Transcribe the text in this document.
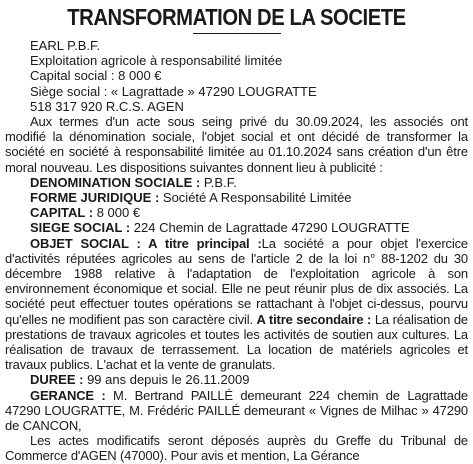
TRANSFORMATION DE LA SOCIETE
EARL P.B.F.
Exploitation agricole à responsabilité limitée
Capital social : 8 000 €
Siège social : « Lagrattade » 47290 LOUGRATTE
518 317 920 R.C.S. AGEN

Aux termes d'un acte sous seing privé du 30.09.2024, les associés ont modifié la dénomination sociale, l'objet social et ont décidé de transformer la société en société à responsabilité limitée au 01.10.2024 sans création d'un être moral nouveau. Les dispositions suivantes donnent lieu à publicité :

DENOMINATION SOCIALE : P.B.F.
FORME JURIDIQUE : Société A Responsabilité Limitée
CAPITAL : 8 000 €
SIEGE SOCIAL : 224 Chemin de Lagrattade 47290 LOUGRATTE

OBJET SOCIAL : A titre principal :La société a pour objet l'exercice d'activités réputées agricoles au sens de l'article 2 de la loi n° 88-1202 du 30 décembre 1988 relative à l'adaptation de l'exploitation agricole à son environnement économique et social. Elle ne peut réunir plus de dix associés. La société peut effectuer toutes opérations se rattachant à l'objet ci-dessus, pourvu qu'elles ne modifient pas son caractère civil. A titre secondaire : La réalisation de prestations de travaux agricoles et toutes les activités de soutien aux cultures. La réalisation de travaux de terrassement. La location de matériels agricoles et travaux publics. L'achat et la vente de granulats.

DUREE : 99 ans depuis le 26.11.2009

GERANCE : M. Bertrand PAILLÉ demeurant 224 chemin de Lagrattade 47290 LOUGRATTE, M. Frédéric PAILLÉ demeurant « Vignes de Milhac » 47290 de CANCON,

Les actes modificatifs seront déposés auprès du Greffe du Tribunal de Commerce d'AGEN (47000). Pour avis et mention, La Gérance
